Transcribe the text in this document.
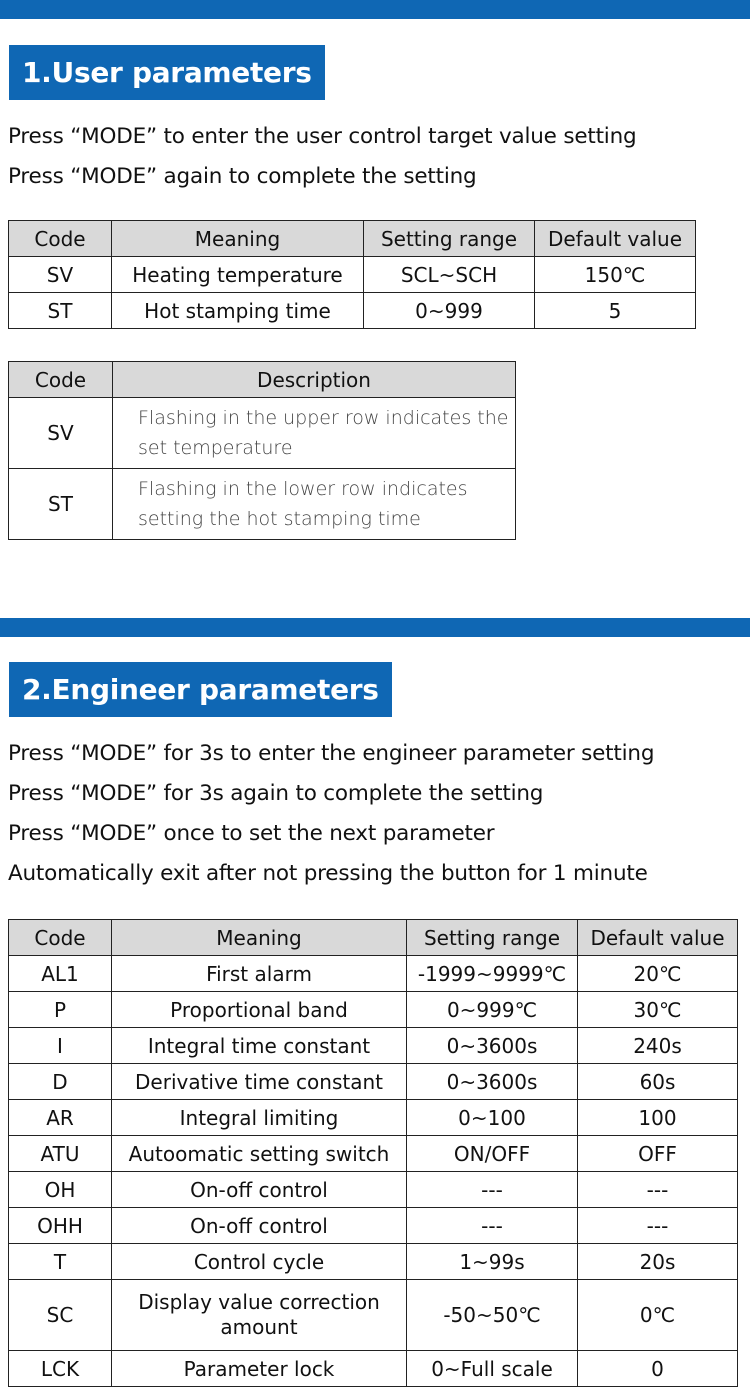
1.User parameters

Press “MODE” to enter the user control target value setting

Press “MODE” again to complete the setting

Code	Meaning	Setting range	Default value
SV	Heating temperature	SCL~SCH	150℃
ST	Hot stamping time	0~999	5
Code	Description
SV	Flashing in the upper row indicates the set temperature
ST	Flashing in the lower row indicates setting the hot stamping time
2.Engineer parameters

Press “MODE” for 3s to enter the engineer parameter setting

Press “MODE” for 3s again to complete the setting

Press “MODE” once to set the next parameter

Automatically exit after not pressing the button for 1 minute

Code	Meaning	Setting range	Default value
AL1	First alarm	-1999~9999℃	20℃
P	Proportional band	0~999℃	30℃
I	Integral time constant	0~3600s	240s
D	Derivative time constant	0~3600s	60s
AR	Integral limiting	0~100	100
ATU	Autoomatic setting switch	ON/OFF	OFF
OH	On-off control	---	---
OHH	On-off control	---	---
T	Control cycle	1~99s	20s
SC	Display value correction amount	-50~50℃	0℃
LCK	Parameter lock	0~Full scale	0
